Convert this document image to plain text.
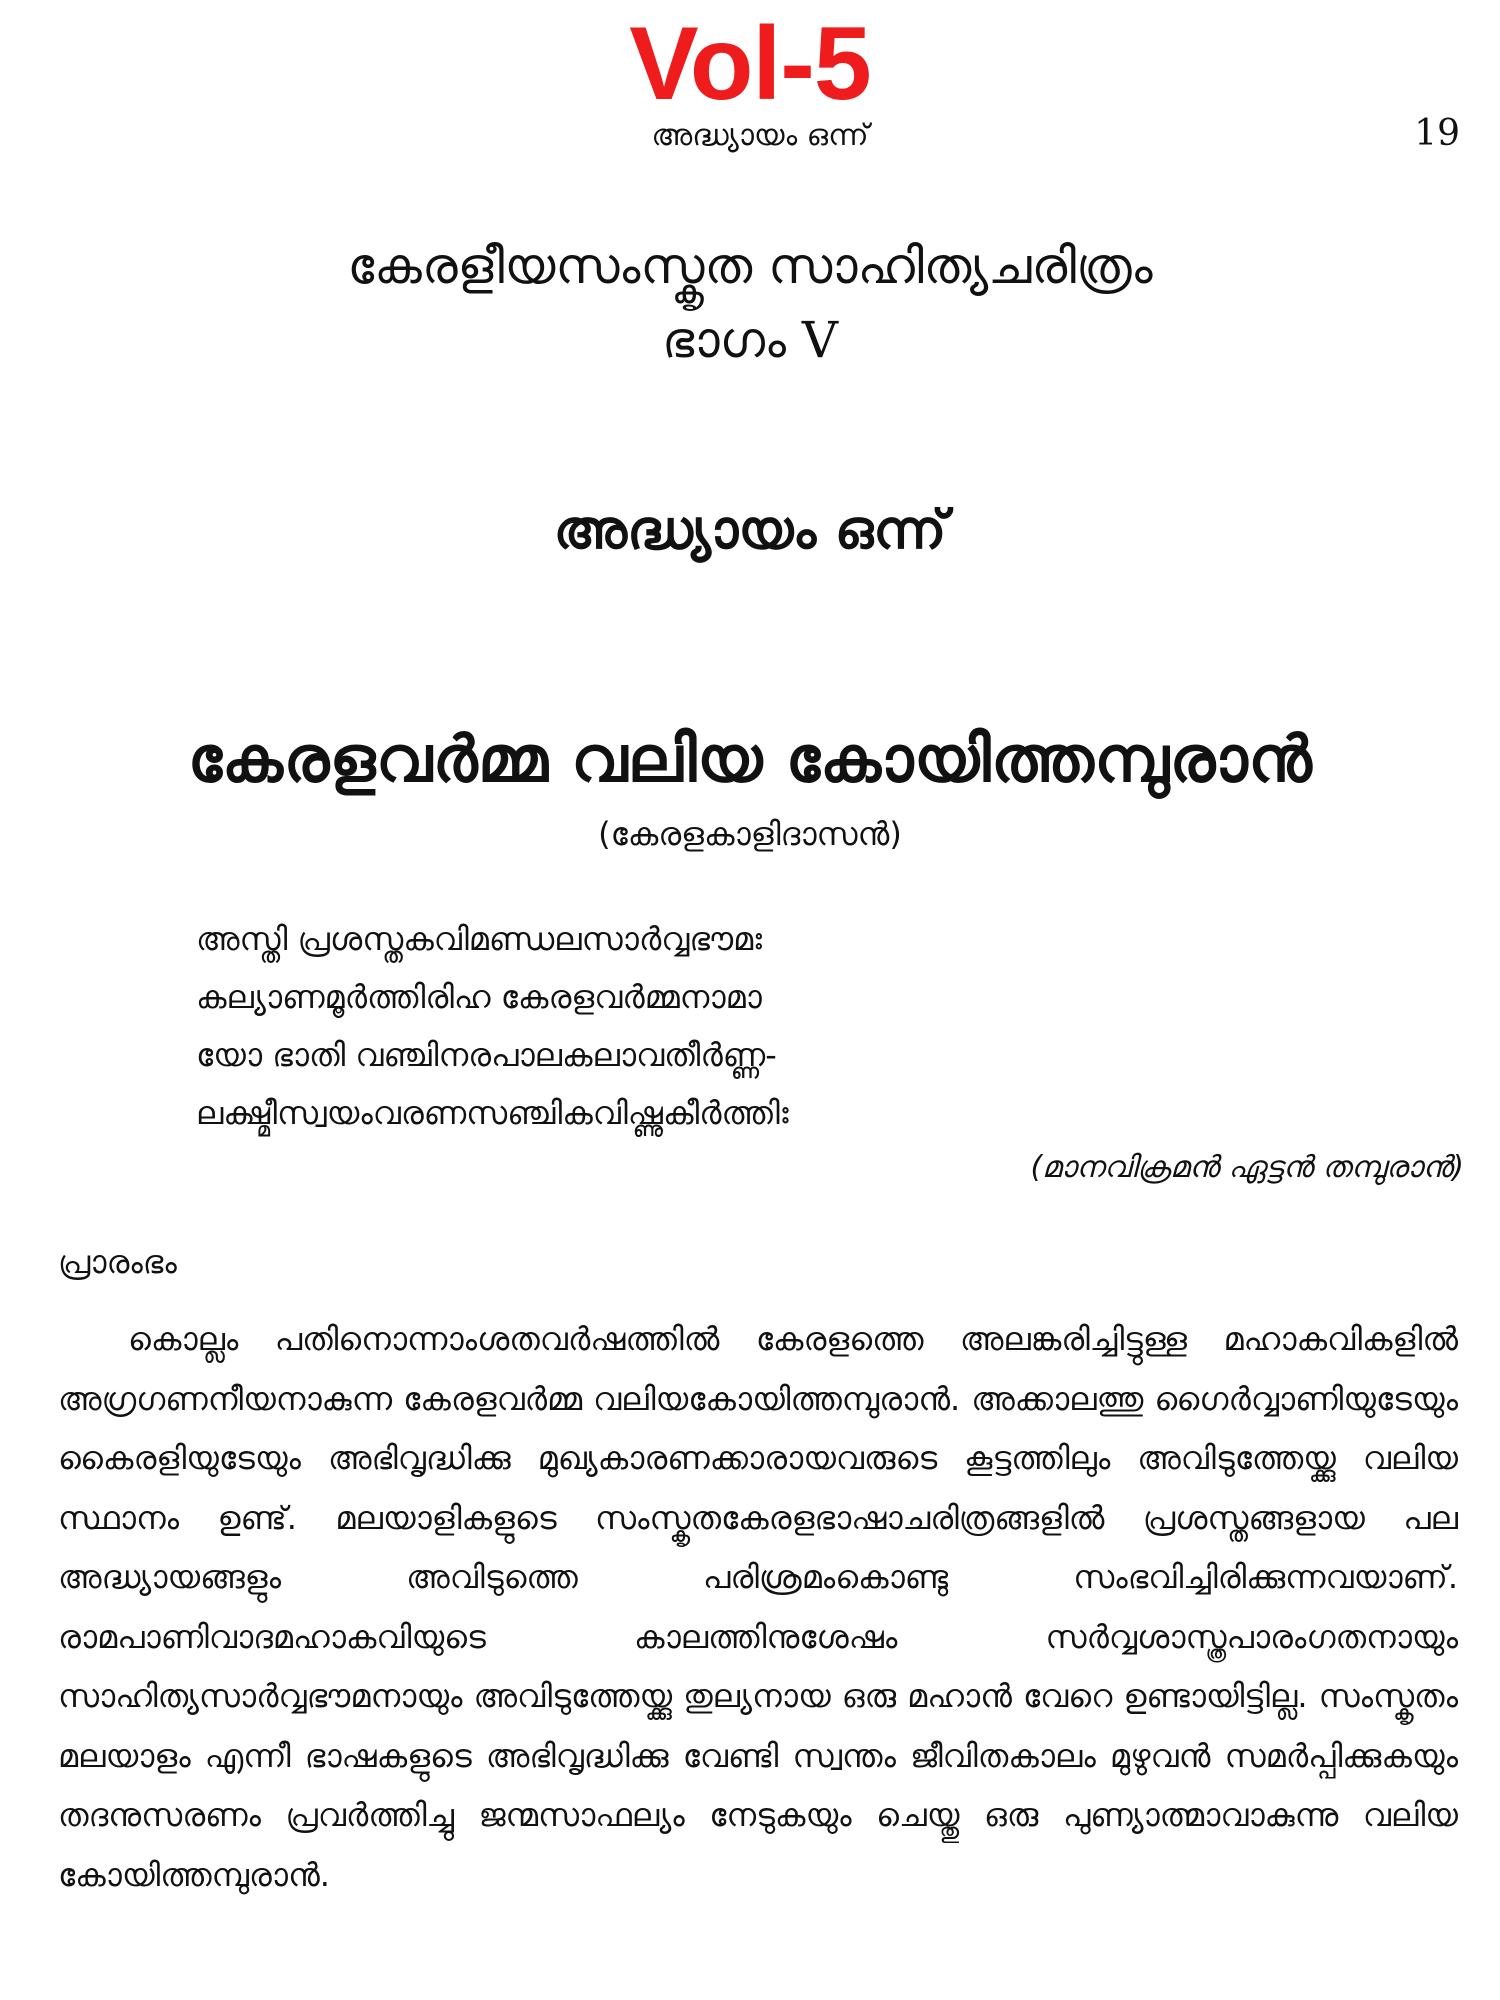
Vol-5
അദ്ധ്യായം ഒന്ന്	19
കേരളീയസംസ്കൃത സാഹിത്യചരിത്രം
ഭാഗം V
അദ്ധ്യായം ഒന്ന്
കേരളവർമ്മ വലിയ കോയിത്തമ്പുരാൻ
(കേരളകാളിദാസൻ)
അസ്തി പ്രശസ്തകവിമണ്ഡലസാർവ്വഭൗമഃ
കല്യാണമൂർത്തിരിഹ കേരളവർമ്മനാമാ
യോ ഭാതി വഞ്ചിനരപാലകലാവതീർണ്ണ-
ലക്ഷ്മീസ്വയംവരണസഞ്ചികവിഷ്ണുകീർത്തിഃ
(മാനവിക്രമൻ ഏട്ടൻ തമ്പുരാൻ)
പ്രാരംഭം
കൊല്ലം പതിനൊന്നാംശതവർഷത്തിൽ കേരളത്തെ അലങ്കരിച്ചിട്ടുള്ള മഹാകവികളിൽ അഗ്രഗണനീയനാകുന്ന കേരളവർമ്മ വലിയകോയിത്തമ്പുരാൻ. അക്കാലത്തു ഗൈർവ്വാണിയുടേയും കൈരളിയുടേയും അഭിവൃദ്ധിക്കു മുഖ്യകാരണക്കാരായവരുടെ കൂട്ടത്തിലും അവിടുത്തേയ്ക്കു വലിയ സ്ഥാനം ഉണ്ട്. മലയാളികളുടെ സംസ്കൃതകേരളഭാഷാചരിത്രങ്ങളിൽ പ്രശസ്തങ്ങളായ പല അദ്ധ്യായങ്ങളും അവിടുത്തെ പരിശ്രമംകൊണ്ടു സംഭവിച്ചിരിക്കുന്നവയാണ്. രാമപാണിവാദമഹാകവിയുടെ കാലത്തിനുശേഷം സർവ്വശാസ്ത്രപാരംഗതനായും സാഹിത്യസാർവ്വഭൗമനായും അവിടുത്തേയ്ക്കു തുല്യനായ ഒരു മഹാൻ വേറെ ഉണ്ടായിട്ടില്ല. സംസ്കൃതം മലയാളം എന്നീ ഭാഷകളുടെ അഭിവൃദ്ധിക്കു വേണ്ടി സ്വന്തം ജീവിതകാലം മുഴുവൻ സമർപ്പിക്കുകയും തദനുസരണം പ്രവർത്തിച്ചു ജന്മസാഫല്യം നേടുകയും ചെയ്തു ഒരു പുണ്യാത്മാവാകുന്നു വലിയ കോയിത്തമ്പുരാൻ.
